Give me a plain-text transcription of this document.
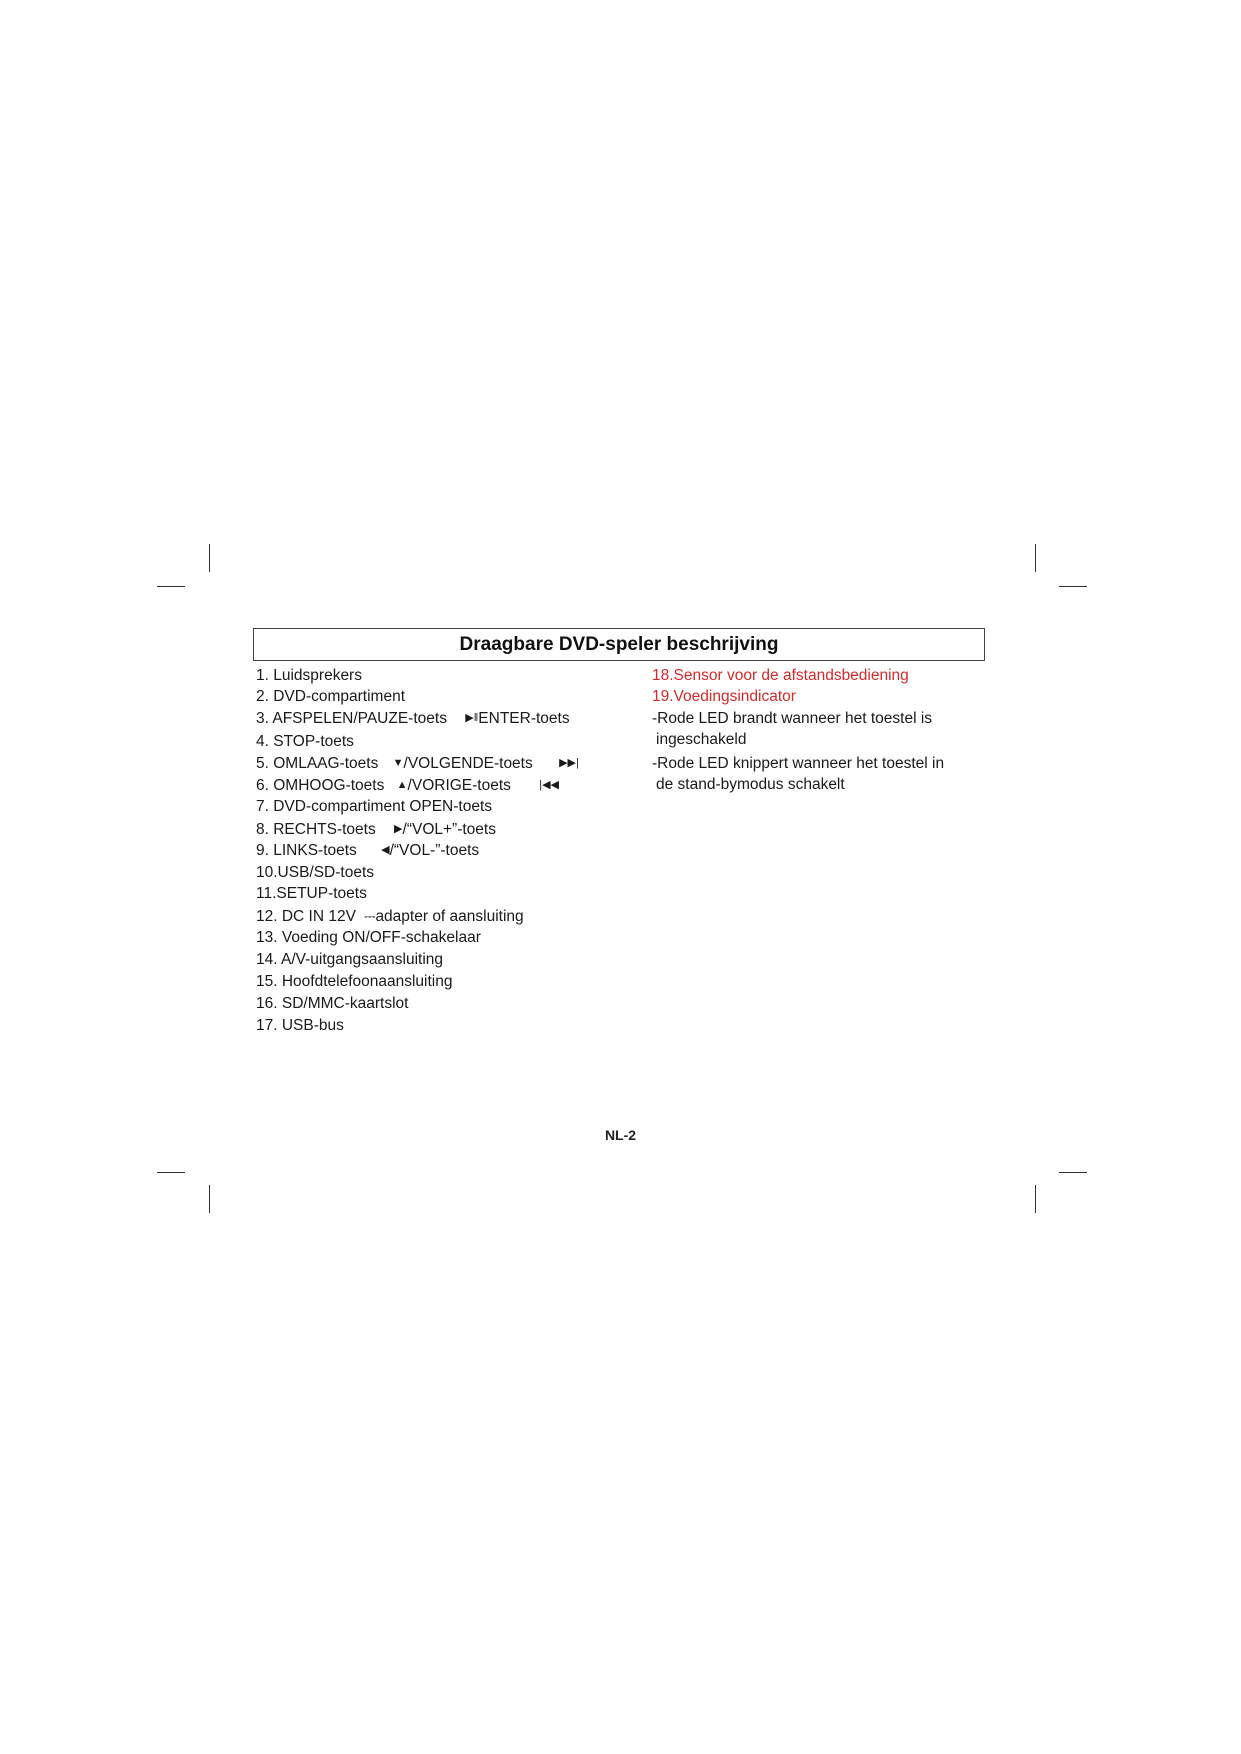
Draagbare DVD-speler beschrijving
1. Luidsprekers
2. DVD-compartiment
3. AFSPELEN/PAUZE-toets ▶‖ENTER-toets
4. STOP-toets
5. OMLAAG-toets ▼/VOLGENDE-toets ▶▶|
6. OMHOOG-toets ▲/VORIGE-toets	|◀◀
7. DVD-compartiment OPEN-toets
8. RECHTS-toets ▶/“VOL+”-toets
9. LINKS-toets ◀/“VOL-”-toets
10.USB/SD-toets
11.SETUP-toets
12. DC IN 12V ⎓adapter of aansluiting
13. Voeding ON/OFF-schakelaar
14. A/V-uitgangsaansluiting
15. Hoofdtelefoonaansluiting
16. SD/MMC-kaartslot
17. USB-bus
18.Sensor voor de afstandsbediening
19.Voedingsindicator
-Rode LED brandt wanneer het toestel is
ingeschakeld
-Rode LED knippert wanneer het toestel in
de stand-bymodus schakelt
NL-2
